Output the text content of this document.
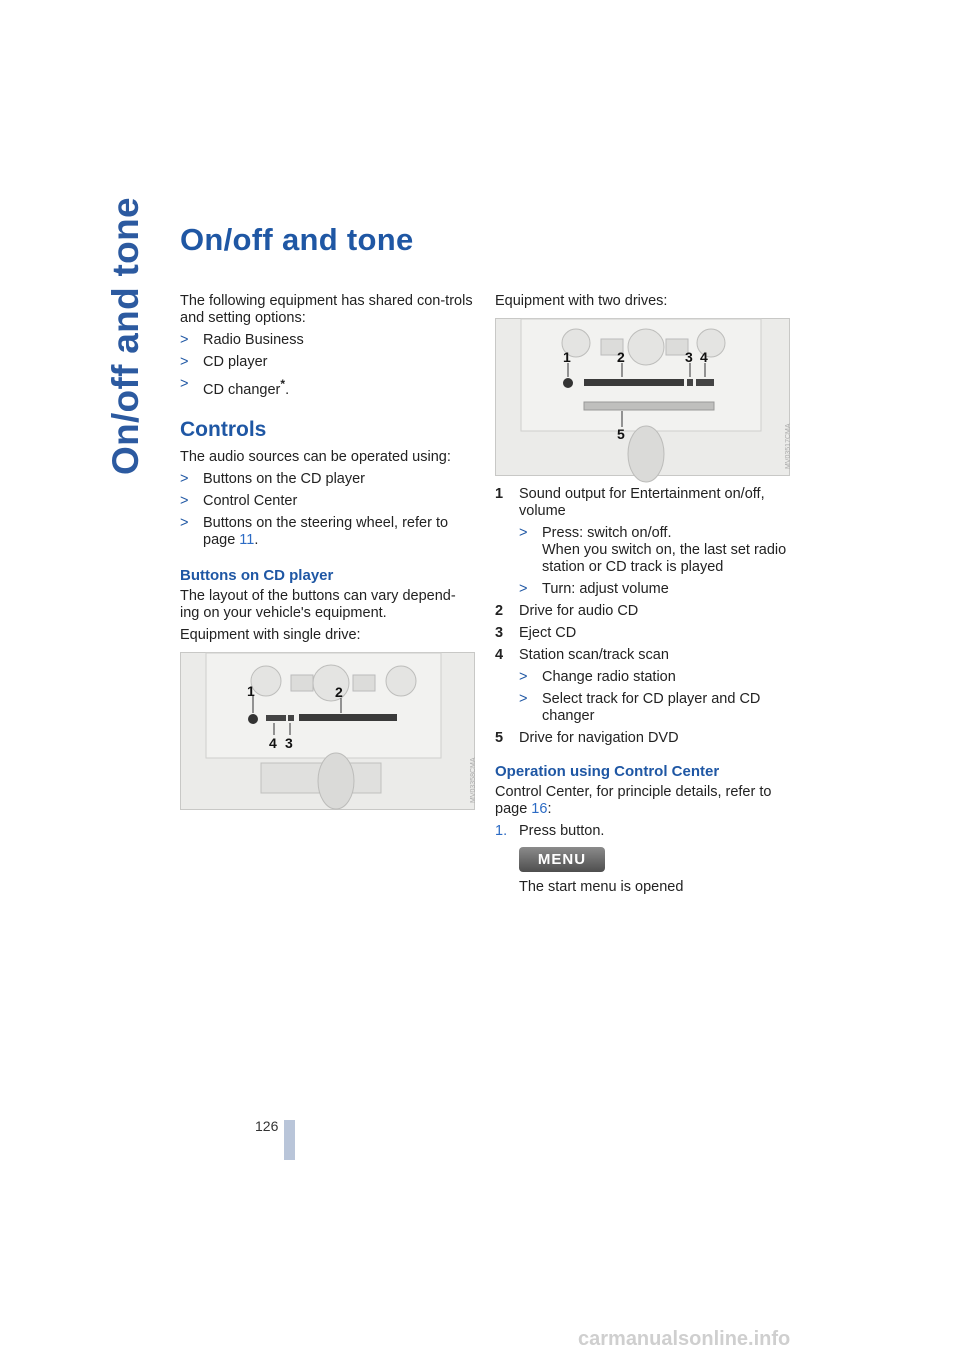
On/off and tone	On/off and tone

The following equipment has shared con-trols and setting options:

> Radio Business
> CD player
> CD changer*.
Controls

The audio sources can be operated using:

> Buttons on the CD player
> Control Center
> Buttons on the steering wheel, refer to page 11.
Buttons on CD player

The layout of the buttons can vary depend-ing on your vehicle's equipment.

Equipment with single drive:

1	2
4 3
MV03358CMA

Equipment with two drives:

1	2	3 4
5	MV03517CMA
1 Sound output for Entertainment on/off, volume
> Press: switch on/off.
When you switch on, the last set radio station or CD track is played
> Turn: adjust volume
2 Drive for audio CD
3 Eject CD
4 Station scan/track scan
> Change radio station
> Select track for CD player and CD changer
5 Drive for navigation DVD
Operation using Control Center

Control Center, for principle details, refer to page 16:

1. Press button.
MENU
The start menu is opened
126
carmanualsonline.info
